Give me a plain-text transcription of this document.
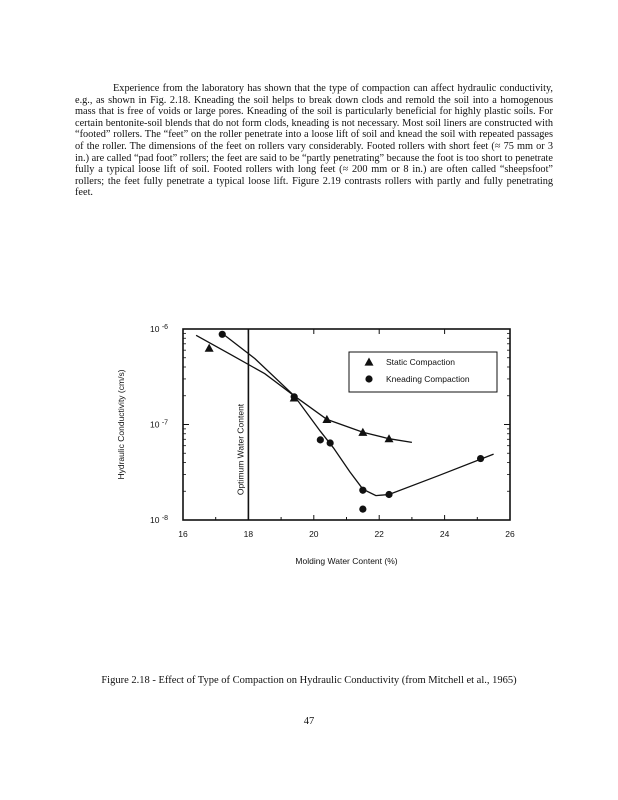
Experience from the laboratory has shown that the type of compaction can affect hydraulic conductivity, e.g., as shown in Fig. 2.18. Kneading the soil helps to break down clods and remold the soil into a homogenous mass that is free of voids or large pores. Kneading of the soil is particularly beneficial for highly plastic soils. For certain bentonite-soil blends that do not form clods, kneading is not necessary. Most soil liners are constructed with “footed” rollers. The “feet” on the roller penetrate into a loose lift of soil and knead the soil with repeated passages of the roller. The dimensions of the feet on rollers vary considerably. Footed rollers with short feet (≈ 75 mm or 3 in.) are called “pad foot” rollers; the feet are said to be “partly penetrating” because the foot is too short to penetrate fully a typical loose lift of soil. Footed rollers with long feet (≈ 200 mm or 8 in.) are often called “sheepsfoot” rollers; the feet fully penetrate a typical loose lift. Figure 2.19 contrasts rollers with partly and fully penetrating feet.

16	18	20	22	24	26
10 $^{-6}$
10 $^{-7}$
10 $^{-8}$
Optimum Water Content
Static Compaction
Kneading Compaction
Molding Water Content (%)
Hydraulic Conductivity (cm/s)

Figure 2.18 - Effect of Type of Compaction on Hydraulic Conductivity (from Mitchell et al., 1965)

47
